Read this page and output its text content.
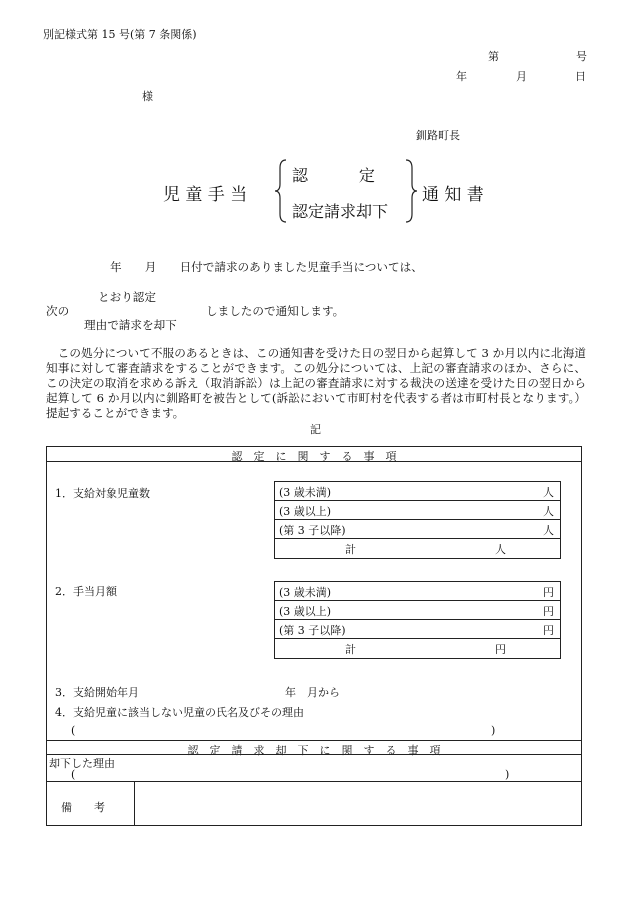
別記様式第 15 号(第 7 条関係)
第	号
年	月	日
様
釧路町長
児 童 手 当
認          定
認定請求却下
通 知 書
年　　月　　日付で請求のありました児童手当については、
とおり認定
次の	しましたので通知します。
理由で請求を却下
　この処分について不服のあるときは、この通知書を受けた日の翌日から起算して 3 か月以内に北海道知事に対して審査請求をすることができます。この処分については、上記の審査請求のほか、さらに、この決定の取消を求める訴え（取消訴訟）は上記の審査請求に対する裁決の送達を受けた日の翌日から起算して 6 か月以内に釧路町を被告として(訴訟において市町村を代表する者は市町村長となります。）提起することができます。
記
認　定　に　関　す　る　事　項
1．支給対象児童数	(3 歳未満)	人
(3 歳以上)	人
(第 3 子以降)	人
計	人
2．手当月額	(3 歳未満)	円
(3 歳以上)	円
(第 3 子以降)	円
計	円
3．支給開始年月	年　月から
4．支給児童に該当しない児童の氏名及びその理由
(	)
認　定　請　求　却　下　に　関　す　る　事　項
却下した理由
(	)
備　　考
